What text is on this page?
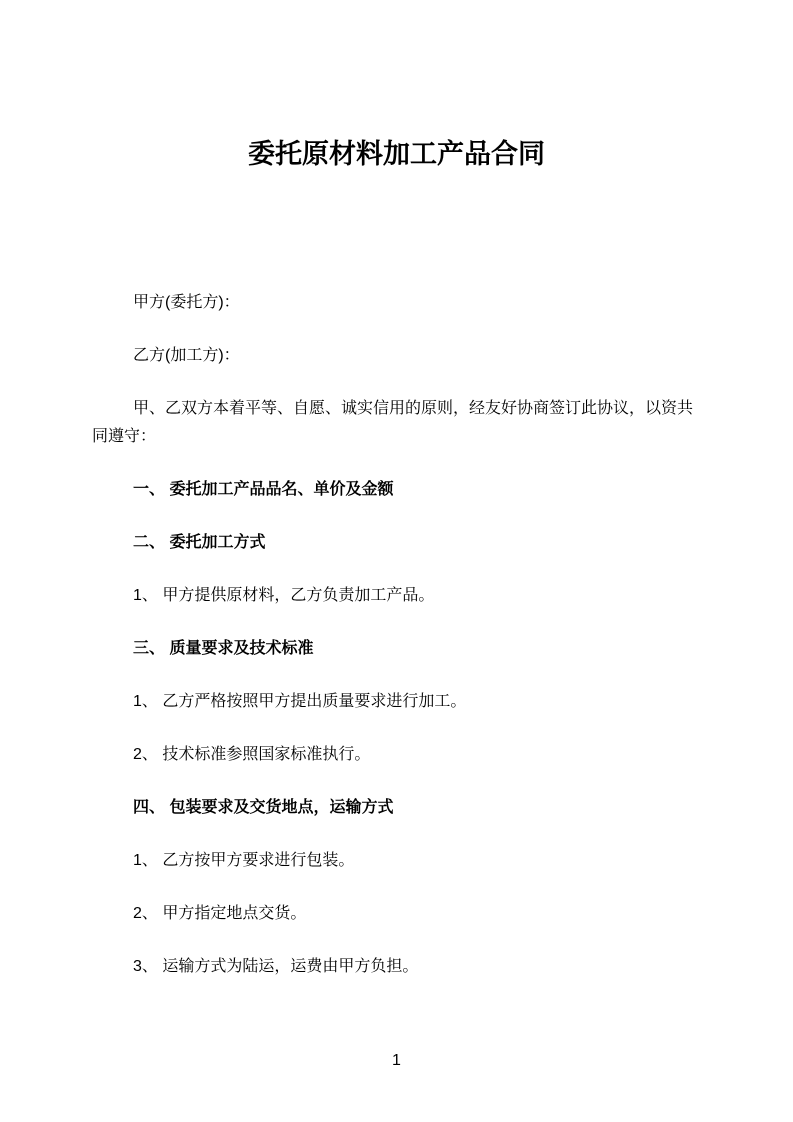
委托原材料加工产品合同

甲方(委托方)：

乙方(加工方)：

甲、乙双方本着平等、自愿、诚实信用的原则，经友好协商签订此协议，以资共同遵守：

一、 委托加工产品品名、单价及金额

二、 委托加工方式

1、 甲方提供原材料，乙方负责加工产品。

三、 质量要求及技术标准

1、 乙方严格按照甲方提出质量要求进行加工。

2、 技术标准参照国家标准执行。

四、 包装要求及交货地点，运输方式

1、 乙方按甲方要求进行包装。

2、 甲方指定地点交货。

3、 运输方式为陆运，运费由甲方负担。

1
